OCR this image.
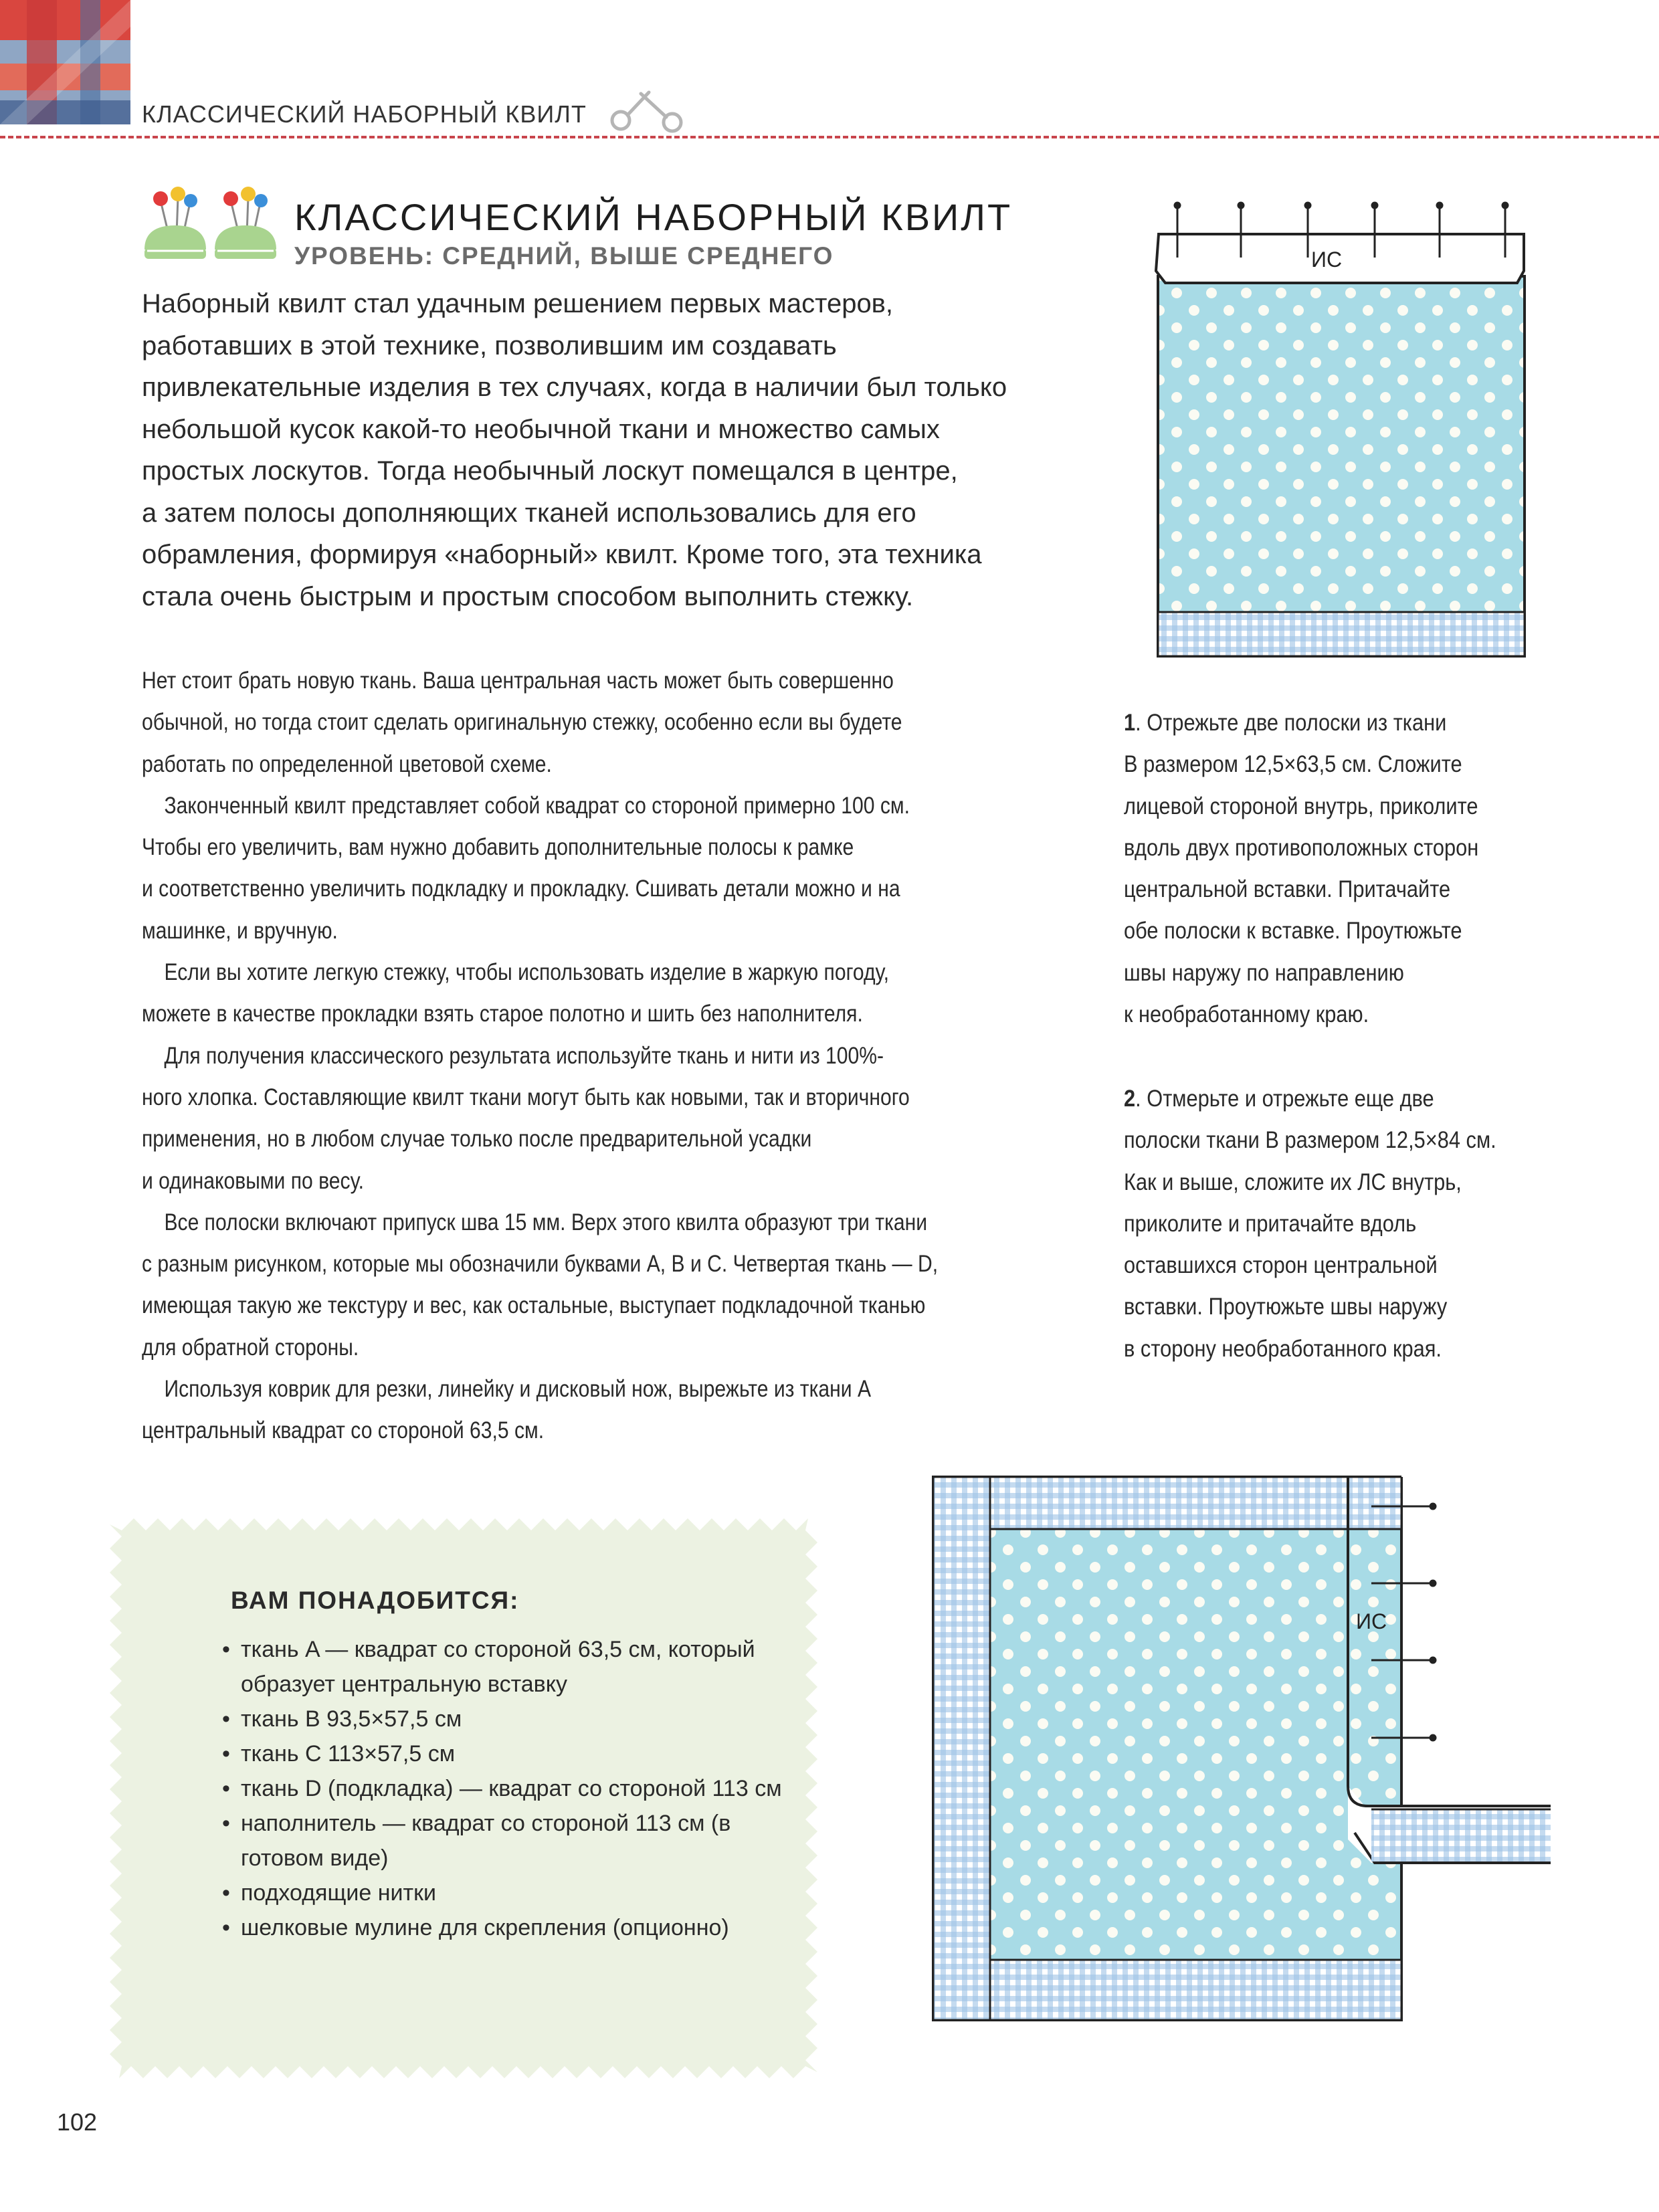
КЛАССИЧЕСКИЙ НАБОРНЫЙ КВИЛТ
КЛАССИЧЕСКИЙ НАБОРНЫЙ КВИЛТ
УРОВЕНЬ: СРЕДНИЙ, ВЫШЕ СРЕДНЕГО

Наборный квилт стал удачным решением первых мастеров,

работавших в этой технике, позволившим им создавать

привлекательные изделия в тех случаях, когда в наличии был только

небольшой кусок какой-то необычной ткани и множество самых

простых лоскутов. Тогда необычный лоскут помещался в центре,

а затем полосы дополняющих тканей использовались для его

обрамления, формируя «наборный» квилт. Кроме того, эта техника

стала очень быстрым и простым способом выполнить стежку.

Нет стоит брать новую ткань. Ваша центральная часть может быть совершенно

обычной, но тогда стоит сделать оригинальную стежку, особенно если вы будете

работать по определенной цветовой схеме.

Законченный квилт представляет собой квадрат со стороной примерно 100 см.

Чтобы его увеличить, вам нужно добавить дополнительные полосы к рамке

и соответственно увеличить подкладку и прокладку. Сшивать детали можно и на

машинке, и вручную.

Если вы хотите легкую стежку, чтобы использовать изделие в жаркую погоду,

можете в качестве прокладки взять старое полотно и шить без наполнителя.

Для получения классического результата используйте ткань и нити из 100%-

ного хлопка. Составляющие квилт ткани могут быть как новыми, так и вторичного

применения, но в любом случае только после предварительной усадки

и одинаковыми по весу.

Все полоски включают припуск шва 15 мм. Верх этого квилта образуют три ткани

с разным рисунком, которые мы обозначили буквами A, B и C. Четвертая ткань — D,

имеющая такую же текстуру и вес, как остальные, выступает подкладочной тканью

для обратной стороны.

Используя коврик для резки, линейку и дисковый нож, вырежьте из ткани A

центральный квадрат со стороной 63,5 см.

1. Отрежьте две полоски из ткани

B размером 12,5×63,5 см. Сложите

лицевой стороной внутрь, приколите

вдоль двух противоположных сторон

центральной вставки. Притачайте

обе полоски к вставке. Проутюжьте

швы наружу по направлению

к необработанному краю.

2. Отмерьте и отрежьте еще две

полоски ткани B размером 12,5×84 см.

Как и выше, сложите их ЛС внутрь,

приколите и притачайте вдоль

оставшихся сторон центральной

вставки. Проутюжьте швы наружу

в сторону необработанного края.

ИС
ИС
ВАМ ПОНАДОБИТСЯ:
• ткань A — квадрат со стороной 63,5 см, который образует центральную вставку
• ткань B 93,5×57,5 см
• ткань C 113×57,5 см
• ткань D (подкладка) — квадрат со стороной 113 см
• наполнитель — квадрат со стороной 113 см (в готовом виде)
• подходящие нитки
• шелковые мулине для скрепления (опционно)
102
